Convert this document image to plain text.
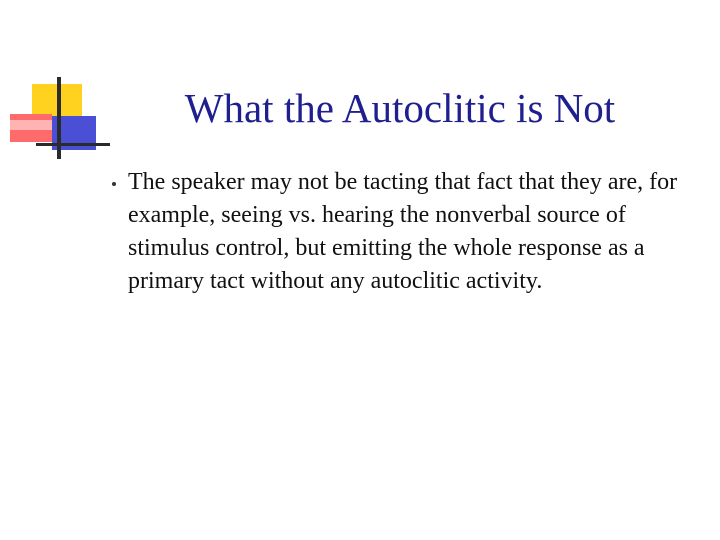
What the Autoclitic is Not
The speaker may not be tacting that fact that they are, for example, seeing vs. hearing the nonverbal source of stimulus control, but emitting the whole response as a primary tact without any autoclitic activity.
